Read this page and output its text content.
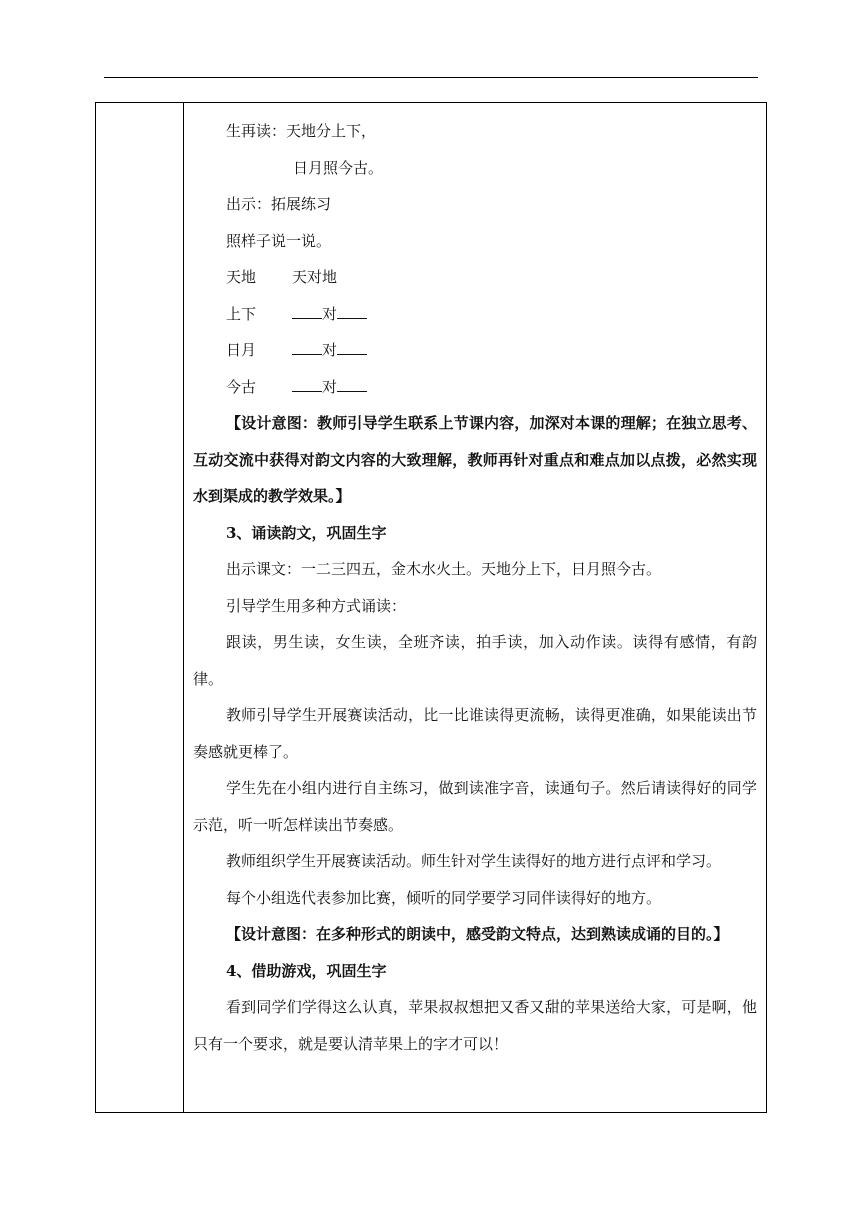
生再读：天地分上下，

日月照今古。

出示：拓展练习

照样子说一说。

天地	天对地

上下	对

日月	对

今古	对

【设计意图：教师引导学生联系上节课内容，加深对本课的理解；在独立思考、互动交流中获得对韵文内容的大致理解，教师再针对重点和难点加以点拨，必然实现水到渠成的教学效果。】

3、诵读韵文，巩固生字

出示课文：一二三四五，金木水火土。天地分上下，日月照今古。

引导学生用多种方式诵读：

跟读，男生读，女生读，全班齐读，拍手读，加入动作读。读得有感情，有韵律。

教师引导学生开展赛读活动，比一比谁读得更流畅，读得更准确，如果能读出节奏感就更棒了。

学生先在小组内进行自主练习，做到读准字音，读通句子。然后请读得好的同学示范，听一听怎样读出节奏感。

教师组织学生开展赛读活动。师生针对学生读得好的地方进行点评和学习。

每个小组选代表参加比赛，倾听的同学要学习同伴读得好的地方。

【设计意图：在多种形式的朗读中，感受韵文特点，达到熟读成诵的目的。】

4、借助游戏，巩固生字

看到同学们学得这么认真，苹果叔叔想把又香又甜的苹果送给大家，可是啊，他只有一个要求，就是要认清苹果上的字才可以！
